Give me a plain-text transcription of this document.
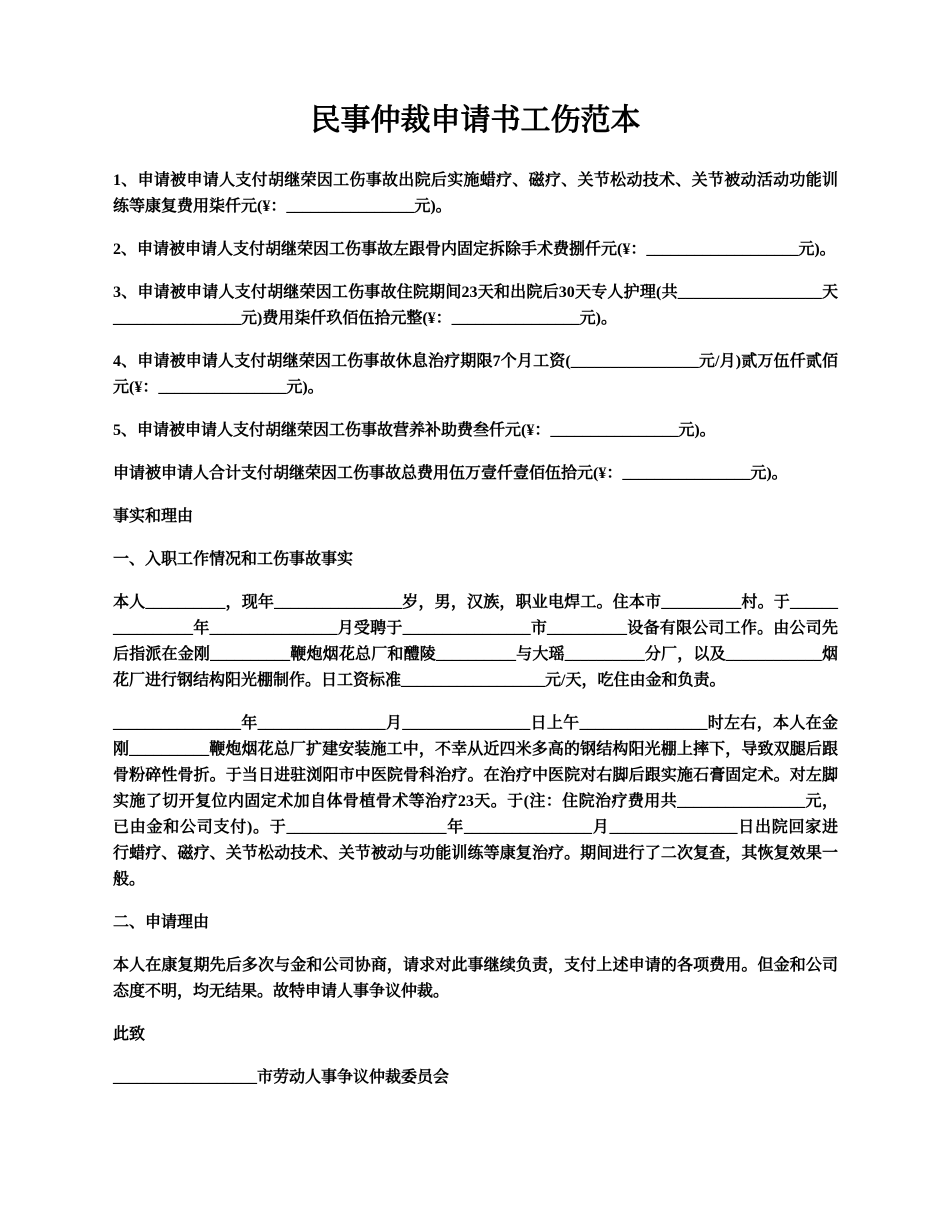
民事仲裁申请书工伤范本

1、申请被申请人支付胡继荣因工伤事故出院后实施蜡疗、磁疗、关节松动技术、关节被动活动功能训练等康复费用柒仟元(¥：________________元)。

2、申请被申请人支付胡继荣因工伤事故左跟骨内固定拆除手术费捌仟元(¥：___________________元)。

3、申请被申请人支付胡继荣因工伤事故住院期间23天和出院后30天专人护理(共__________________天________________元)费用柒仟玖佰伍拾元整(¥：________________元)。

4、申请被申请人支付胡继荣因工伤事故休息治疗期限7个月工资(________________元/月)贰万伍仟贰佰元(¥：________________元)。

5、申请被申请人支付胡继荣因工伤事故营养补助费叁仟元(¥：________________元)。

申请被申请人合计支付胡继荣因工伤事故总费用伍万壹仟壹佰伍拾元(¥：________________元)。

事实和理由

一、入职工作情况和工伤事故事实

本人__________，现年________________岁，男，汉族，职业电焊工。住本市__________村。于________________年________________月受聘于________________市__________设备有限公司工作。由公司先后指派在金刚__________鞭炮烟花总厂和醴陵__________与大瑶__________分厂，以及____________烟花厂进行钢结构阳光棚制作。日工资标准__________________元/天，吃住由金和负责。

________________年________________月________________日上午________________时左右，本人在金刚__________鞭炮烟花总厂扩建安装施工中，不幸从近四米多高的钢结构阳光棚上摔下，导致双腿后跟骨粉碎性骨折。于当日进驻浏阳市中医院骨科治疗。在治疗中医院对右脚后跟实施石膏固定术。对左脚实施了切开复位内固定术加自体骨植骨术等治疗23天。于(注：住院治疗费用共________________元，已由金和公司支付)。于____________________年________________月________________日出院回家进行蜡疗、磁疗、关节松动技术、关节被动与功能训练等康复治疗。期间进行了二次复查，其恢复效果一般。

二、申请理由

本人在康复期先后多次与金和公司协商，请求对此事继续负责，支付上述申请的各项费用。但金和公司态度不明，均无结果。故特申请人事争议仲裁。

此致

__________________市劳动人事争议仲裁委员会
